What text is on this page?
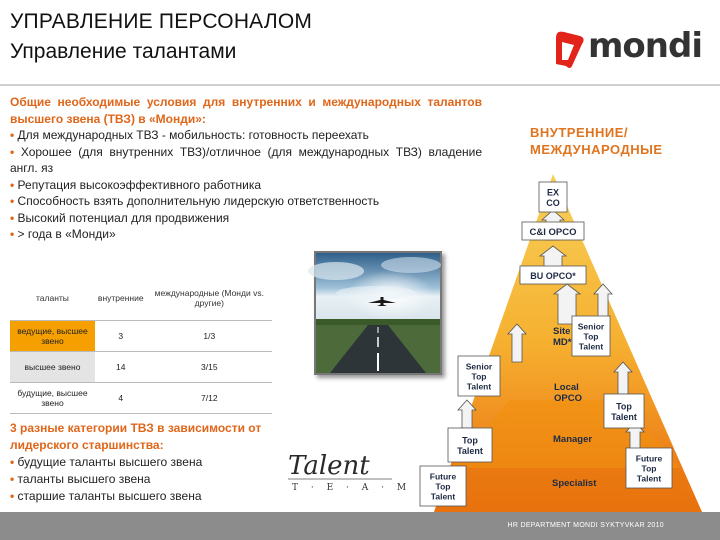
УПРАВЛЕНИЕ ПЕРСОНАЛОМ
Управление талантами	mondi
Общие необходимые условия для внутренних и международных талантов высшего звена (ТВЗ) в «Монди»:
• Для международных ТВЗ - мобильность: готовность переехать
• Хорошее (для внутренних ТВЗ)/отличное (для международных ТВЗ) владение англ. яз
• Репутация высокоэффективного работника
• Способность взять дополнительную лидерскую ответственность
• Высокий потенциал для продвижения
• > года в «Монди»
таланты	внутренние	международные (Монди vs. другие)
ведущие, высшее звено	3	1/3
высшее звено	14	3/15
будущие, высшее звено	4	7/12
3 разные категории ТВЗ в зависимости от лидерского старшинства:
• будущие таланты высшего звена
• таланты высшего звена
• старшие таланты высшего звена
Talent
T · E · A · M
ВНУТРЕННИЕ/
МЕЖДУНАРОДНЫЕ
EX CO
C&I OPCO
BU OPCO*
Site MD*
Senior Top Talent
Senior Top Talent	Local OPCO
Top Talent
Top Talent
Manager
Future Top Talent
Future Top Talent
Specialist
HR DEPARTMENT MONDI SYKTYVKAR 2010
